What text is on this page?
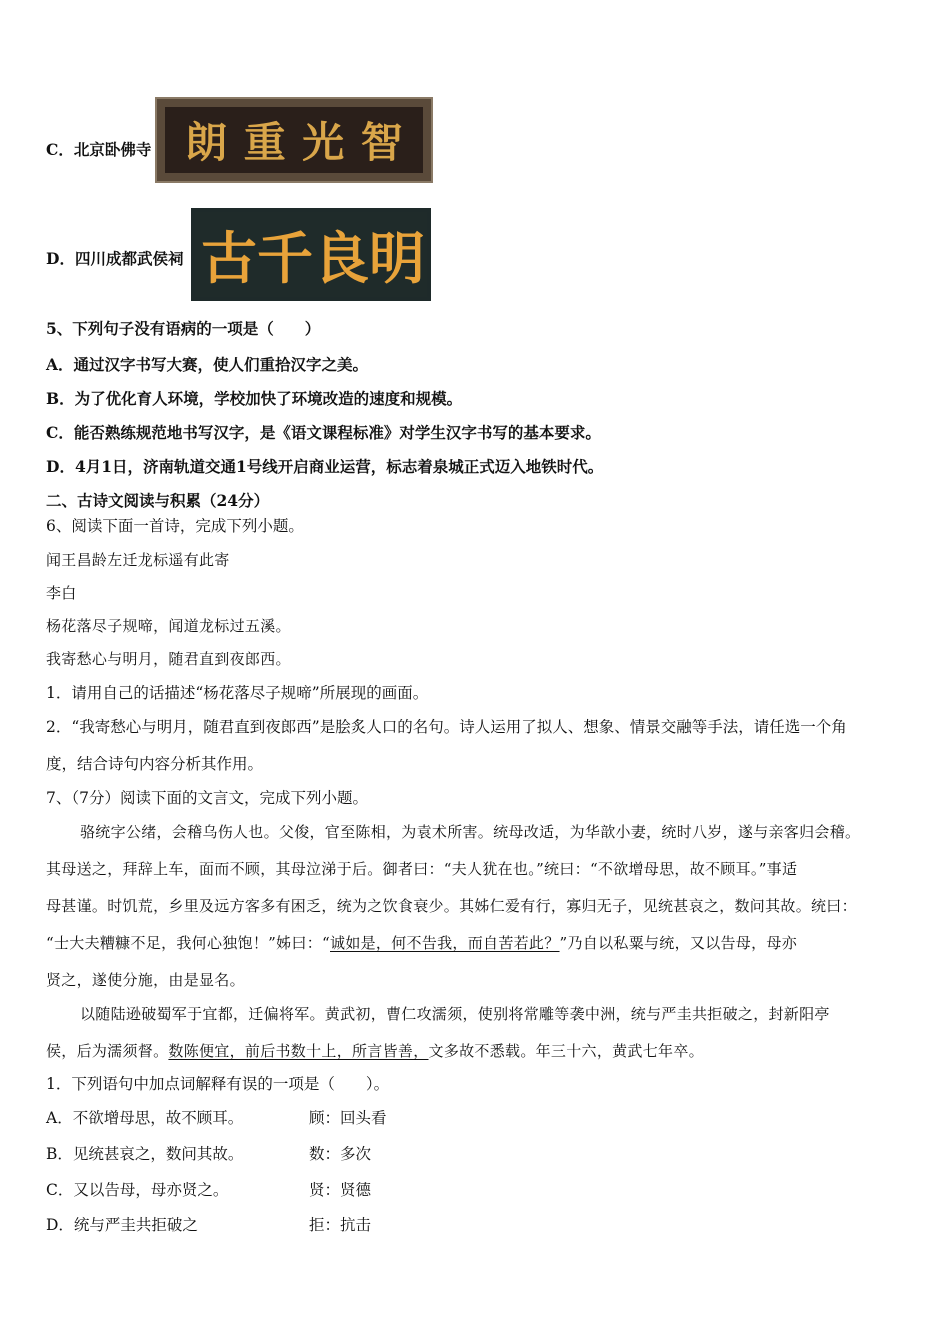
C．北京卧佛寺 朗 重 光 智
D．四川成都武侯祠 古 千 良 明
5、下列句子没有语病的一项是（　　）
A．通过汉字书写大赛，使人们重拾汉字之美。
B．为了优化育人环境，学校加快了环境改造的速度和规模。
C．能否熟练规范地书写汉字，是《语文课程标准》对学生汉字书写的基本要求。
D．4月1日，济南轨道交通1号线开启商业运营，标志着泉城正式迈入地铁时代。
二、古诗文阅读与积累（24分）
6、阅读下面一首诗，完成下列小题。
闻王昌龄左迁龙标遥有此寄
李白
杨花落尽子规啼，闻道龙标过五溪。
我寄愁心与明月，随君直到夜郎西。
1．请用自己的话描述“杨花落尽子规啼”所展现的画面。
2．“我寄愁心与明月，随君直到夜郎西”是脍炙人口的名句。诗人运用了拟人、想象、情景交融等手法，请任选一个角
度，结合诗句内容分析其作用。
7、（7分）阅读下面的文言文，完成下列小题。
骆统字公绪，会稽乌伤人也。父俊，官至陈相，为袁术所害。统母改适，为华歆小妻，统时八岁，遂与亲客归会稽。
其母送之，拜辞上车，面而不顾，其母泣涕于后。御者曰：“夫人犹在也。”统曰：“不欲增母思，故不顾耳。”事适
母甚谨。时饥荒，乡里及远方客多有困乏，统为之饮食衰少。其姊仁爱有行，寡归无子，见统甚哀之，数问其故。统曰：
“士大夫糟糠不足，我何心独饱！”姊曰：“诚如是，何不告我，而自苦若此？”乃自以私粟与统，又以告母，母亦
贤之，遂使分施，由是显名。
以随陆逊破蜀军于宜都，迁偏将军。黄武初，曹仁攻濡须，使别将常雕等袭中洲，统与严圭共拒破之，封新阳亭
侯，后为濡须督。数陈便宜，前后书数十上，所言皆善，文多故不悉载。年三十六，黄武七年卒。
1．下列语句中加点词解释有误的一项是（　　）。
A．不欲增母思，故不顾耳。	顾：回头看
B．见统甚哀之，数问其故。	数：多次
C．又以告母，母亦贤之。	贤：贤德
D．统与严圭共拒破之	拒：抗击
